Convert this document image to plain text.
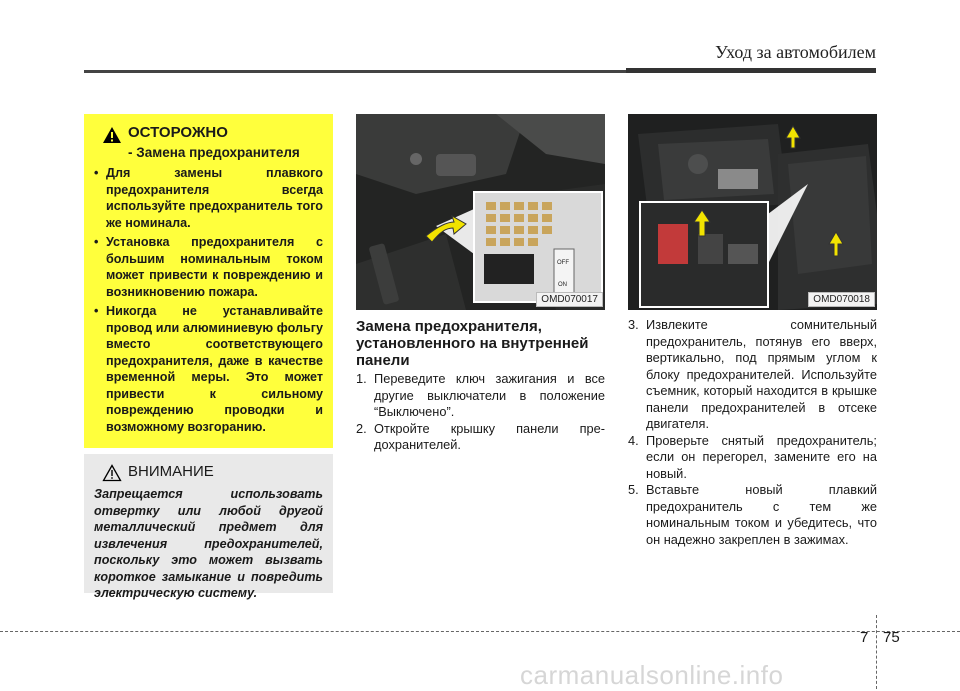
Уход за автомобилем
ОСТОРОЖНО
- Замена предохранителя
• Для замены плавкого предохранителя всегда используйте предохранитель того же номинала.
• Установка предохранителя с большим номинальным током может привести к повреждению и возникновению пожара.
• Никогда не устанавливайте провод или алюминиевую фольгу вместо соответствующего предохранителя, даже в качестве временной меры. Это может привести к сильному повреждению проводки и возможному возгоранию.
ВНИМАНИЕ
Запрещается использовать отвертку или любой другой металлический предмет для извлечения предохранителей, поскольку это может вызвать короткое замыкание и повредить электрическую систему.
OFF
ON
OMD070017	OMD070018
Замена предохранителя, установленного на внутренней панели
1. Переведите ключ зажигания и все другие выключатели в положение “Выключено”.
2. Откройте крышку панели пре-дохранителей.
3. Извлеките сомнительный предохранитель, потянув его вверх, вертикально, под прямым углом к блоку предохранителей. Используйте съемник, который находится в крышке панели предохранителей в отсеке двигателя.
4. Проверьте снятый предохранитель; если он перегорел, замените его на новый.
5. Вставьте новый плавкий предохранитель с тем же номинальным током и убедитесь, что он надежно закреплен в зажимах.
7 75
carmanualsonline.info
